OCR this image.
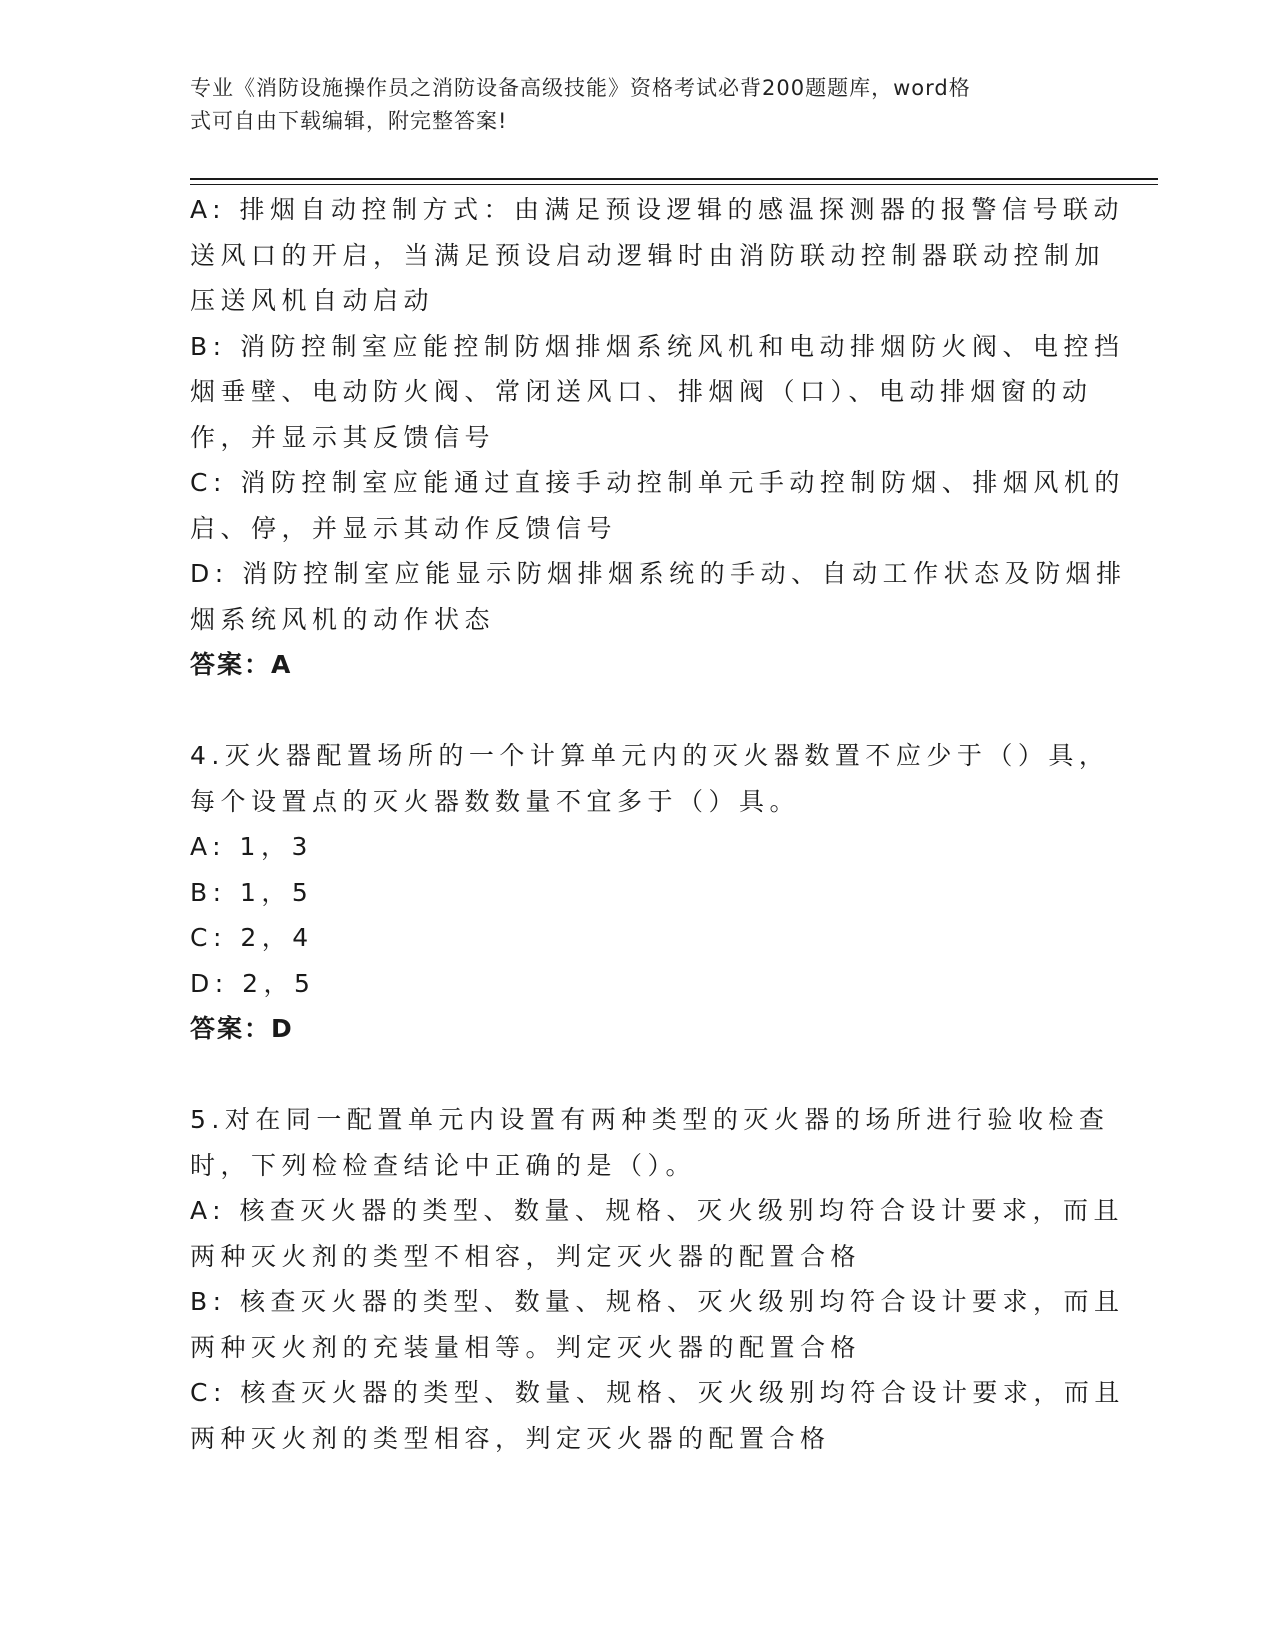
专业《消防设施操作员之消防设备高级技能》资格考试必背200题题库，word格
式可自由下载编辑，附完整答案!
A: 排烟自动控制方式：由满足预设逻辑的感温探测器的报警信号联动
送风口的开启，当满足预设启动逻辑时由消防联动控制器联动控制加
压送风机自动启动
B: 消防控制室应能控制防烟排烟系统风机和电动排烟防火阀、电控挡
烟垂壁、电动防火阀、常闭送风口、排烟阀（口）、电动排烟窗的动
作，并显示其反馈信号
C: 消防控制室应能通过直接手动控制单元手动控制防烟、排烟风机的
启、停，并显示其动作反馈信号
D: 消防控制室应能显示防烟排烟系统的手动、自动工作状态及防烟排
烟系统风机的动作状态
答案：A
4.灭火器配置场所的一个计算单元内的灭火器数置不应少于（）具，
每个设置点的灭火器数数量不宜多于（）具。
A: 1，3
B: 1，5
C: 2，4
D: 2，5
答案：D
5.对在同一配置单元内设置有两种类型的灭火器的场所进行验收检查
时，下列检检查结论中正确的是（）。
A: 核查灭火器的类型、数量、规格、灭火级别均符合设计要求，而且
两种灭火剂的类型不相容，判定灭火器的配置合格
B: 核查灭火器的类型、数量、规格、灭火级别均符合设计要求，而且
两种灭火剂的充装量相等。判定灭火器的配置合格
C: 核查灭火器的类型、数量、规格、灭火级别均符合设计要求，而且
两种灭火剂的类型相容，判定灭火器的配置合格
